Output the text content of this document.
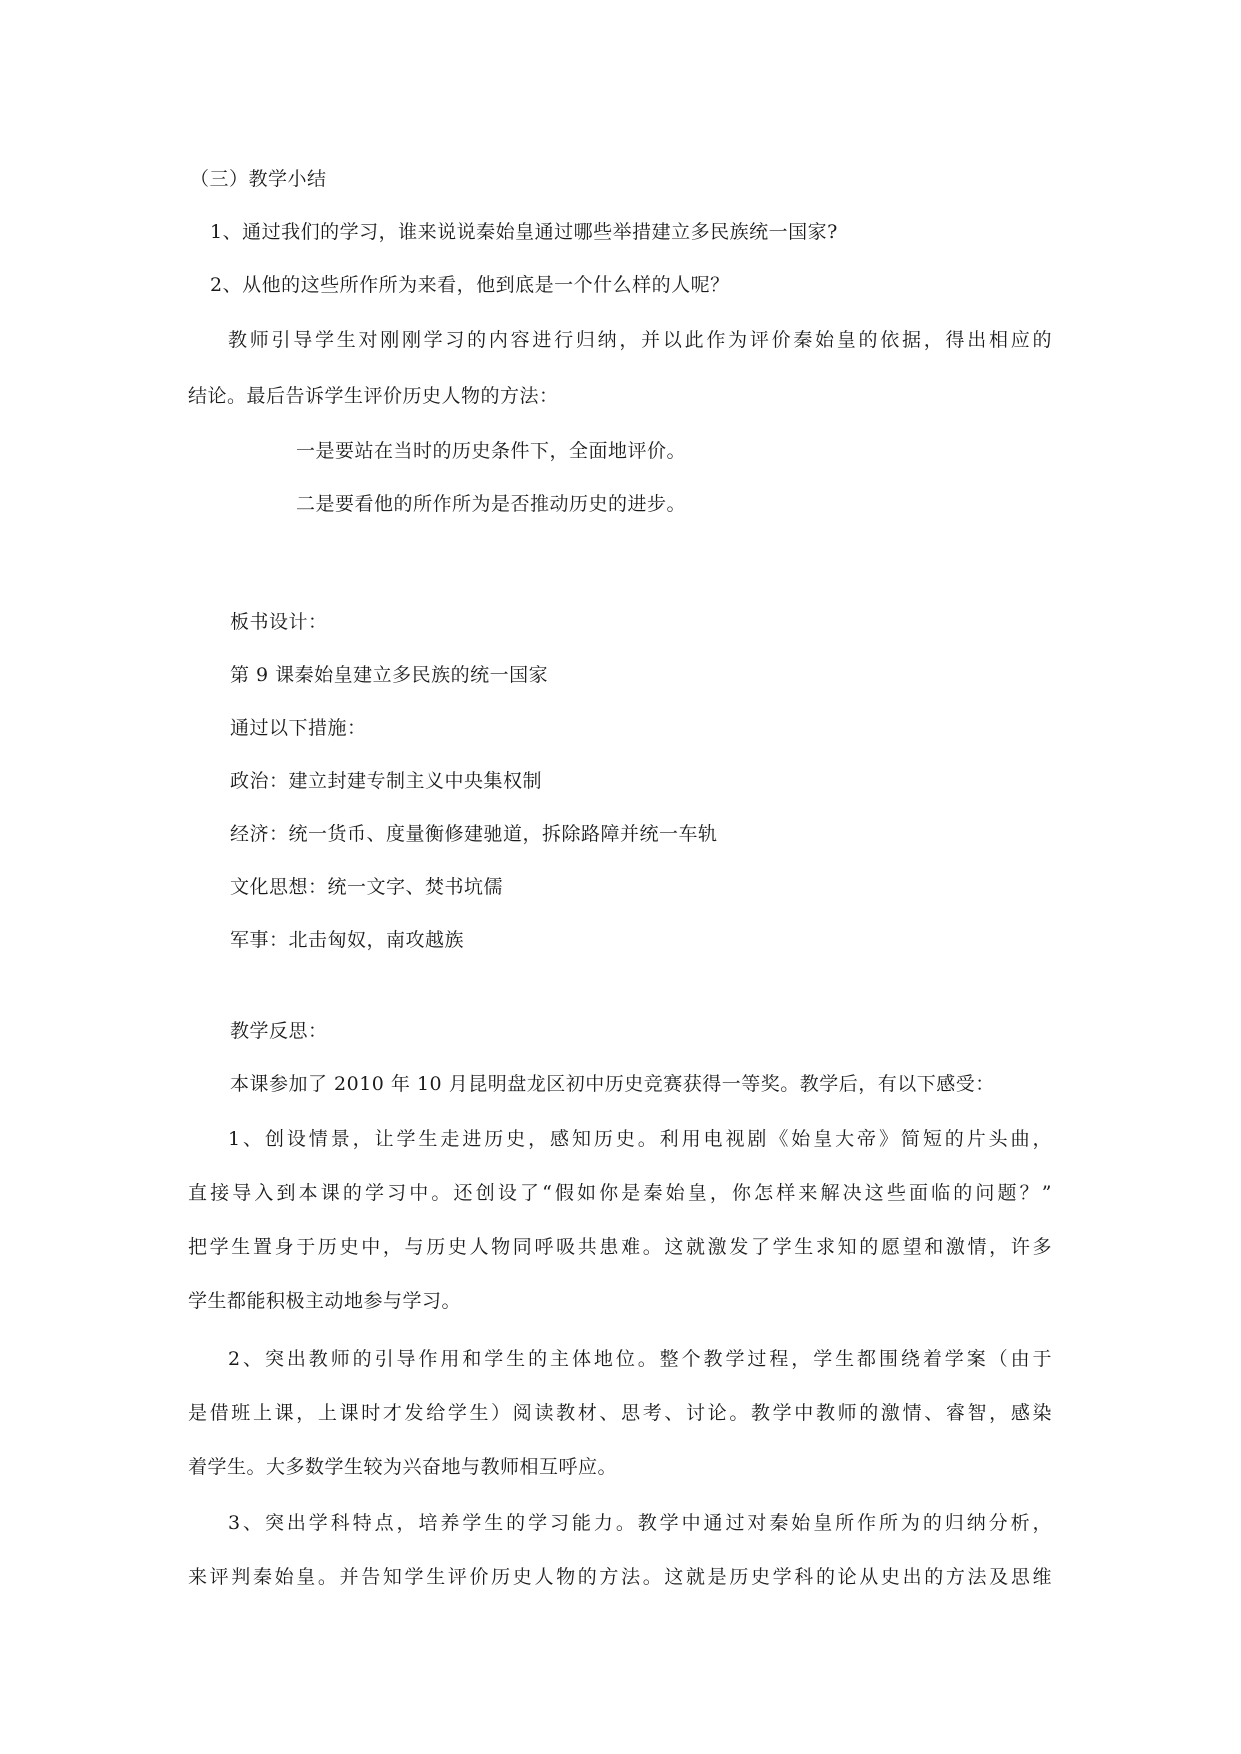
（三）教学小结
1、通过我们的学习，谁来说说秦始皇通过哪些举措建立多民族统一国家?
2、从他的这些所作所为来看，他到底是一个什么样的人呢？
教师引导学生对刚刚学习的内容进行归纳，并以此作为评价秦始皇的依据，得出相应的
结论。最后告诉学生评价历史人物的方法：
一是要站在当时的历史条件下，全面地评价。
二是要看他的所作所为是否推动历史的进步。
板书设计：
第 9 课秦始皇建立多民族的统一国家
通过以下措施：
政治：建立封建专制主义中央集权制
经济：统一货币、度量衡修建驰道，拆除路障并统一车轨
文化思想：统一文字、焚书坑儒
军事：北击匈奴，南攻越族
教学反思：
本课参加了 2010 年 10 月昆明盘龙区初中历史竞赛获得一等奖。教学后，有以下感受：
1、创设情景，让学生走进历史，感知历史。利用电视剧《始皇大帝》简短的片头曲，
直接导入到本课的学习中。还创设了“假如你是秦始皇，你怎样来解决这些面临的问题？”
把学生置身于历史中，与历史人物同呼吸共患难。这就激发了学生求知的愿望和激情，许多
学生都能积极主动地参与学习。
2、突出教师的引导作用和学生的主体地位。整个教学过程，学生都围绕着学案（由于
是借班上课，上课时才发给学生）阅读教材、思考、讨论。教学中教师的激情、睿智，感染
着学生。大多数学生较为兴奋地与教师相互呼应。
3、突出学科特点，培养学生的学习能力。教学中通过对秦始皇所作所为的归纳分析，
来评判秦始皇。并告知学生评价历史人物的方法。这就是历史学科的论从史出的方法及思维
